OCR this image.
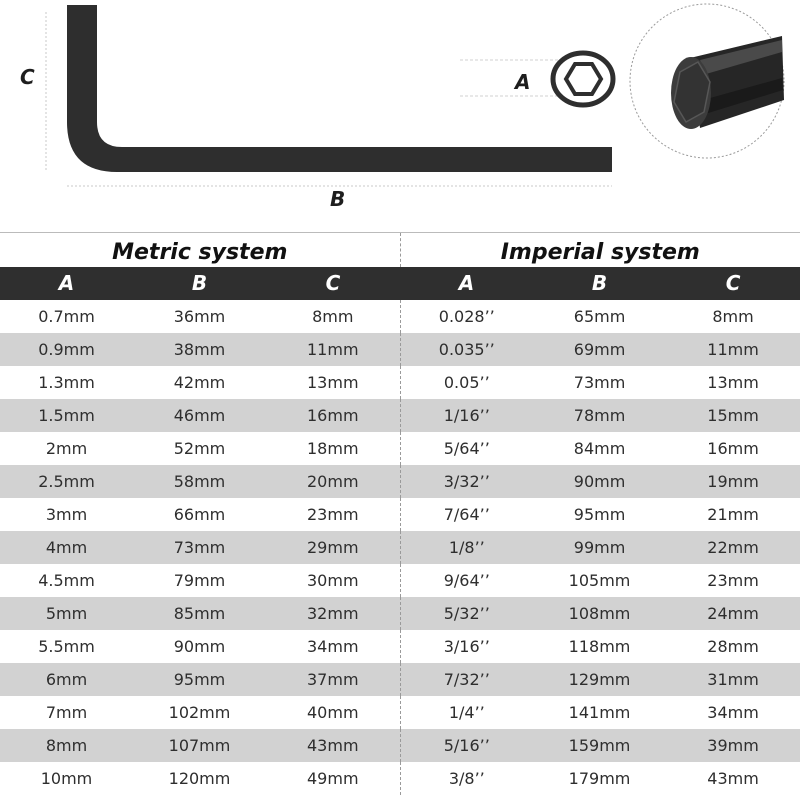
C
B
A
Metric system			Imperial system		
A	B	C	A	B	C
0.7mm	36mm	8mm	0.028’’	65mm	8mm
0.9mm	38mm	11mm	0.035’’	69mm	11mm
1.3mm	42mm	13mm	0.05’’	73mm	13mm
1.5mm	46mm	16mm	1/16’’	78mm	15mm
2mm	52mm	18mm	5/64’’	84mm	16mm
2.5mm	58mm	20mm	3/32’’	90mm	19mm
3mm	66mm	23mm	7/64’’	95mm	21mm
4mm	73mm	29mm	1/8’’	99mm	22mm
4.5mm	79mm	30mm	9/64’’	105mm	23mm
5mm	85mm	32mm	5/32’’	108mm	24mm
5.5mm	90mm	34mm	3/16’’	118mm	28mm
6mm	95mm	37mm	7/32’’	129mm	31mm
7mm	102mm	40mm	1/4’’	141mm	34mm
8mm	107mm	43mm	5/16’’	159mm	39mm
10mm	120mm	49mm	3/8’’	179mm	43mm
